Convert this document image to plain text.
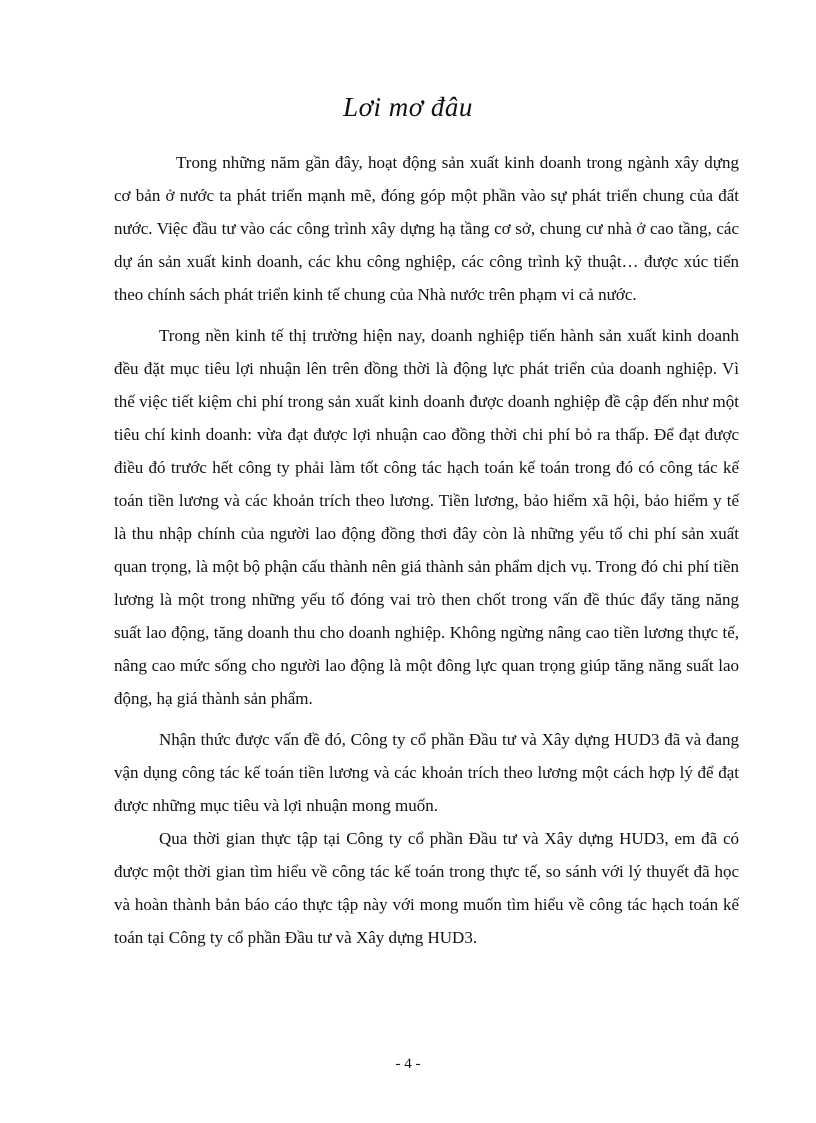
Lơi mơ đâu

Trong những năm gần đây, hoạt động sản xuất kinh doanh trong ngành xây dựng cơ bản ở nước ta phát triển mạnh mẽ, đóng góp một phần vào sự phát triển chung của đất nước. Việc đầu tư vào các công trình xây dựng hạ tầng cơ sở, chung cư nhà ở cao tầng, các dự án sản xuất kinh doanh, các khu công nghiệp, các công trình kỹ thuật… được xúc tiến theo chính sách phát triển kinh tế chung của Nhà nước trên phạm vi cả nước.

Trong nền kinh tế thị trường hiện nay, doanh nghiệp tiến hành sản xuất kinh doanh đều đặt mục tiêu lợi nhuận lên trên đồng thời là động lực phát triển của doanh nghiệp. Vì thế việc tiết kiệm chi phí trong sản xuất kinh doanh được doanh nghiệp đề cập đến như một tiêu chí kinh doanh: vừa đạt được lợi nhuận cao đồng thời chi phí bỏ ra thấp. Để đạt được điều đó trước hết công ty phải làm tốt công tác hạch toán kế toán trong đó có công tác kế toán tiền lương và các khoản trích theo lương. Tiền lương, bảo hiểm xã hội, bảo hiểm y tế là thu nhập chính của người lao động đồng thơi đây còn là những yếu tố chi phí sản xuất quan trọng, là một bộ phận cấu thành nên giá thành sản phẩm dịch vụ. Trong đó chi phí tiền lương là một trong những yếu tố đóng vai trò then chốt trong vấn đề thúc đẩy tăng năng suất lao động, tăng doanh thu cho doanh nghiệp. Không ngừng nâng cao tiền lương thực tế, nâng cao mức sống cho người lao động là một đông lực quan trọng giúp tăng năng suất lao động, hạ giá thành sản phẩm.

Nhận thức được vấn đề đó, Công ty cổ phần Đầu tư và Xây dựng HUD3 đã và đang vận dụng công tác kế toán tiền lương và các khoản trích theo lương một cách hợp lý để đạt được những mục tiêu và lợi nhuận mong muốn.

Qua thời gian thực tập tại Công ty cổ phần Đầu tư và Xây dựng HUD3, em đã có được một thời gian tìm hiểu về công tác kế toán trong thực tế, so sánh với lý thuyết đã học và hoàn thành bản báo cáo thực tập này với mong muốn tìm hiểu về công tác hạch toán kế toán tại Công ty cổ phần Đầu tư và Xây dựng HUD3.

- 4 -
